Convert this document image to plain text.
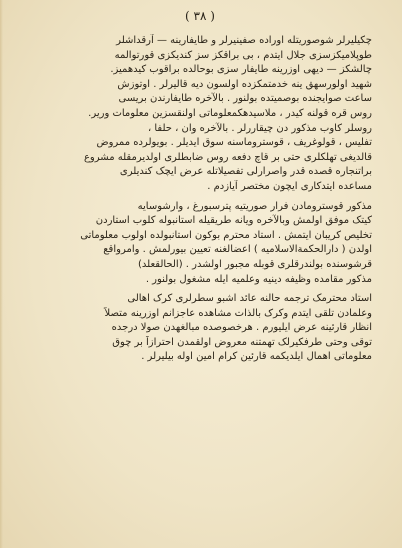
( ٣٨ )

چکیلیرلر شوصوریتله اوراده صفینیرلر و طایفارینه — آرقداشلر
طوپلامیکزسزی جلال ایتدم ، بی براقکز سز کندیکزی قورتوالمه
چالشکز — دیهی اوزرینه طایفار سزی بوحالده براقوب کیدهمیز.
شهید اولورسهق ینه خدمتمکزده اولسون دیه قالیرلر . اوتوزش
ساعت صوایجنده بوصمیتده بولنور . بالآخره طایفارندن بریسی
روس قره قولنه کیدر ، ملاسیدهکمعلوماتی اولنقسزین معلومات وریر.
روسلر کاوب مذکور دن چیقاررلر . بالآخره وان ، حلفا ،
تفلیس ، قولوغریف ، قوستروماسنه سوق ایدیلر . بویولرده ممروض
قالدیغی تهلکلری حتی بر قاچ دفعه روس ضابطلری اولدیرمقله مشروع
براتنجاره قصده قدر واصرارلی تفصیلاتله عرض ایچک کندیلری
مساعده ایتدکاری ایچون مختصر آیازدم .

مذکور قوسترومادن فرار صوریتیه پترسبورغ ، وارشوسایه
کیتک موفق اولمش وبالآخره ویانه طریقیله استانبوله کلوب استاردن
تخلیص کریبان ایتمش . استاد محترم بوکون استانبولده اولوب معلوماتی
اولدن ( دارالحکمةالاسلامیه ) اعضالغنه تعیین بیورلمش . وامرواقع
قرشوسنده بولندرقلری قوبله مجبور اولشدر . (الحالقعلد)
مذکور مقامده وظیفه دینیه وعلمیه ایله مشغول بولنور .

استاد محترمک ترجمه حالنه عائد اشبو سطرلری کرک اهالی
وعلمادن تلقی ایتدم وکرک بالذات مشاهده عاجزانم اوزرینه متصلاً
انظار قارئینه عرض ایلیورم . هرخصوصده مبالغهدن صولا درجده
توقی وحتی طرفکیرلک تهمتنه معروض اولقمدن احترازاً بر چوق
معلوماتی اهمال ایلدیکمه قارئین کرام امین اوله بیلیرلر .
